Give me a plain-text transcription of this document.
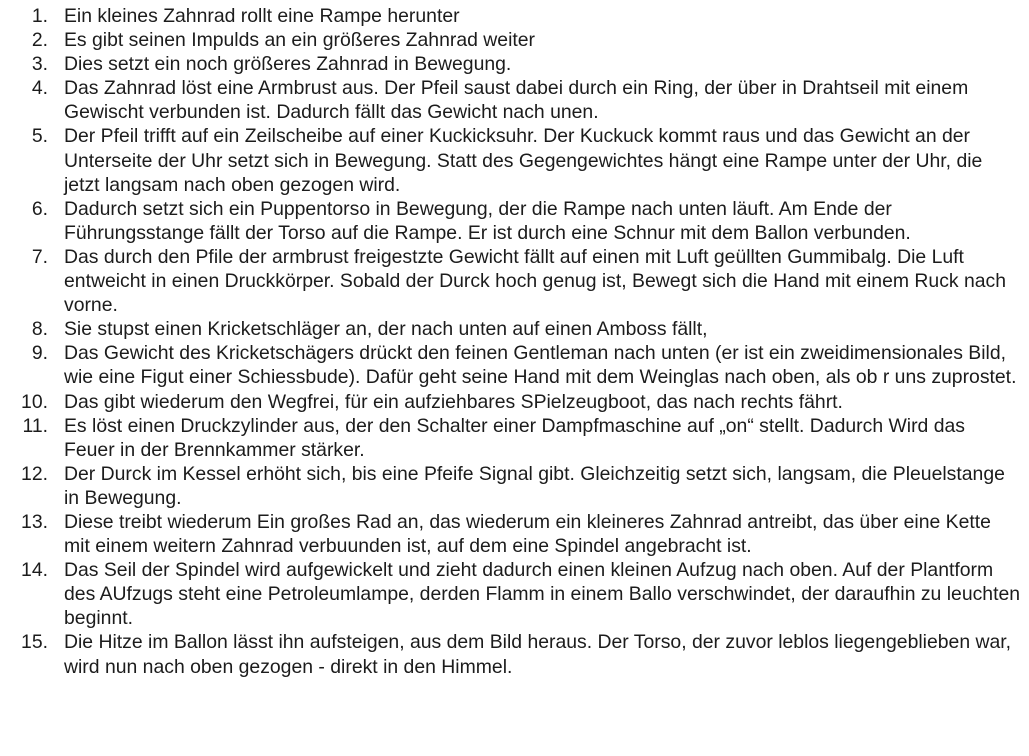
1. Ein kleines Zahnrad rollt eine Rampe herunter
2. Es gibt seinen Impulds an ein größeres Zahnrad weiter
3. Dies setzt ein noch größeres Zahnrad in Bewegung.
4. Das Zahnrad löst eine Armbrust aus. Der Pfeil saust dabei durch ein Ring, der über in Drahtseil mit einem Gewischt verbunden ist. Dadurch fällt das Gewicht nach unen.
5. Der Pfeil trifft auf ein Zeilscheibe auf einer Kuckicksuhr. Der Kuckuck kommt raus und das Gewicht an der Unterseite der Uhr setzt sich in Bewegung. Statt des Gegengewichtes hängt eine Rampe unter der Uhr, die jetzt langsam nach oben gezogen wird.
6. Dadurch setzt sich ein Puppentorso in Bewegung, der die Rampe nach unten läuft. Am Ende der Führungsstange fällt der Torso auf die Rampe. Er ist durch eine Schnur mit dem Ballon verbunden.
7. Das durch den Pfile der armbrust freigestzte Gewicht fällt auf einen mit Luft geüllten Gummibalg. Die Luft entweicht in einen Druckkörper. Sobald der Durck hoch genug ist, Bewegt sich die Hand mit einem Ruck nach vorne.
8. Sie stupst einen Kricketschläger an, der nach unten auf einen Amboss fällt,
9. Das Gewicht des Kricketschägers drückt den feinen Gentleman nach unten (er ist ein zweidimensionales Bild, wie eine Figut einer Schiessbude). Dafür geht seine Hand mit dem Weinglas nach oben, als ob r uns zuprostet.
10. Das gibt wiederum den Wegfrei, für ein aufziehbares SPielzeugboot, das nach rechts fährt.
11. Es löst einen Druckzylinder aus, der den Schalter einer Dampfmaschine auf „on“ stellt. Dadurch Wird das Feuer in der Brennkammer stärker.
12. Der Durck im Kessel erhöht sich, bis eine Pfeife Signal gibt. Gleichzeitig setzt sich, langsam, die Pleuelstange in Bewegung.
13. Diese treibt wiederum Ein großes Rad an, das wiederum ein kleineres Zahnrad antreibt, das über eine Kette mit einem weitern Zahnrad verbuunden ist, auf dem eine Spindel angebracht ist.
14. Das Seil der Spindel wird aufgewickelt und zieht dadurch einen kleinen Aufzug nach oben. Auf der Plantform des AUfzugs steht eine Petroleumlampe, derden Flamm in einem Ballo verschwindet, der daraufhin zu leuchten beginnt.
15. Die Hitze im Ballon lässt ihn aufsteigen, aus dem Bild heraus. Der Torso, der zuvor leblos liegengeblieben war, wird nun nach oben gezogen - direkt in den Himmel.
